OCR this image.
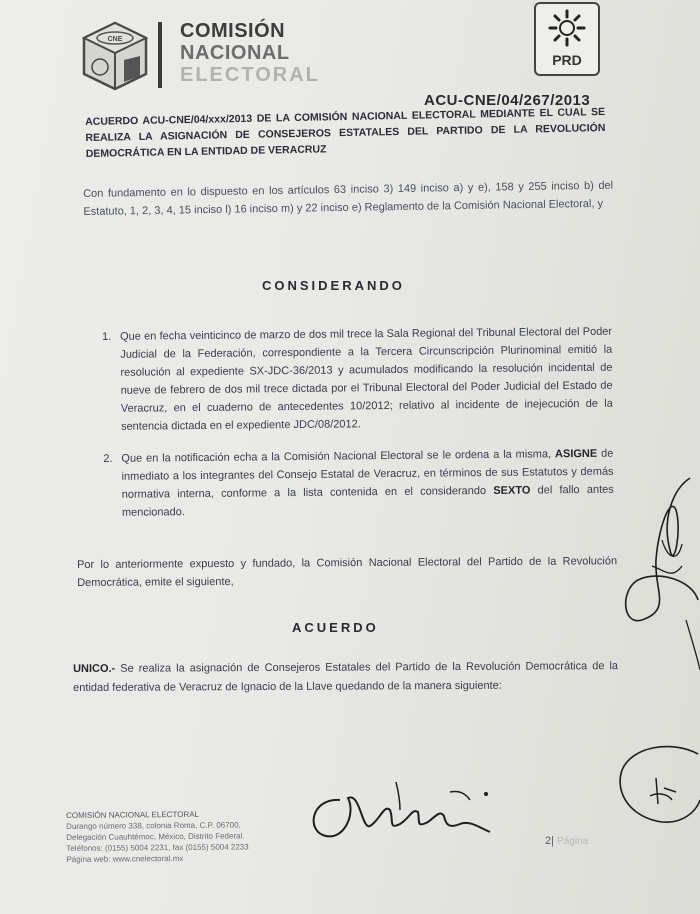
CNE	COMISIÓN
NACIONAL
ELECTORAL
PRD
ACU-CNE/04/267/2013
ACUERDO ACU-CNE/04/xxx/2013 DE LA COMISIÓN NACIONAL ELECTORAL MEDIANTE EL CUAL SE REALIZA LA ASIGNACIÓN DE CONSEJEROS ESTATALES DEL PARTIDO DE LA REVOLUCIÓN DEMOCRÁTICA EN LA ENTIDAD DE VERACRUZ
Con fundamento en lo dispuesto en los artículos 63 inciso 3) 149 inciso a) y e), 158 y 255 inciso b) del Estatuto, 1, 2, 3, 4, 15 inciso l) 16 inciso m) y 22 inciso e) Reglamento de la Comisión Nacional Electoral, y
CONSIDERANDO
1. Que en fecha veinticinco de marzo de dos mil trece la Sala Regional del Tribunal Electoral del Poder Judicial de la Federación, correspondiente a la Tercera Circunscripción Plurinominal emitió la resolución al expediente SX-JDC-36/2013 y acumulados modificando la resolución incidental de nueve de febrero de dos mil trece dictada por el Tribunal Electoral del Poder Judicial del Estado de Veracruz, en el cuaderno de antecedentes 10/2012; relativo al incidente de inejecución de la sentencia dictada en el expediente JDC/08/2012.
2. Que en la notificación echa a la Comisión Nacional Electoral se le ordena a la misma, ASIGNE de inmediato a los integrantes del Consejo Estatal de Veracruz, en términos de sus Estatutos y demás normativa interna, conforme a la lista contenida en el considerando SEXTO del fallo antes mencionado.
Por lo anteriormente expuesto y fundado, la Comisión Nacional Electoral del Partido de la Revolución Democrática, emite el siguiente,
ACUERDO
UNICO.- Se realiza la asignación de Consejeros Estatales del Partido de la Revolución Democrática de la entidad federativa de Veracruz de Ignacio de la Llave quedando de la manera siguiente:
COMISIÓN NACIONAL ELECTORAL
Durango número 338, colonia Roma, C.P. 06700,
Delegación Cuauhtémoc, México, Distrito Federal.
Teléfonos: (0155) 5004 2231, fax (0155) 5004 2233
Página web: www.cnelectoral.mx
2| Página
